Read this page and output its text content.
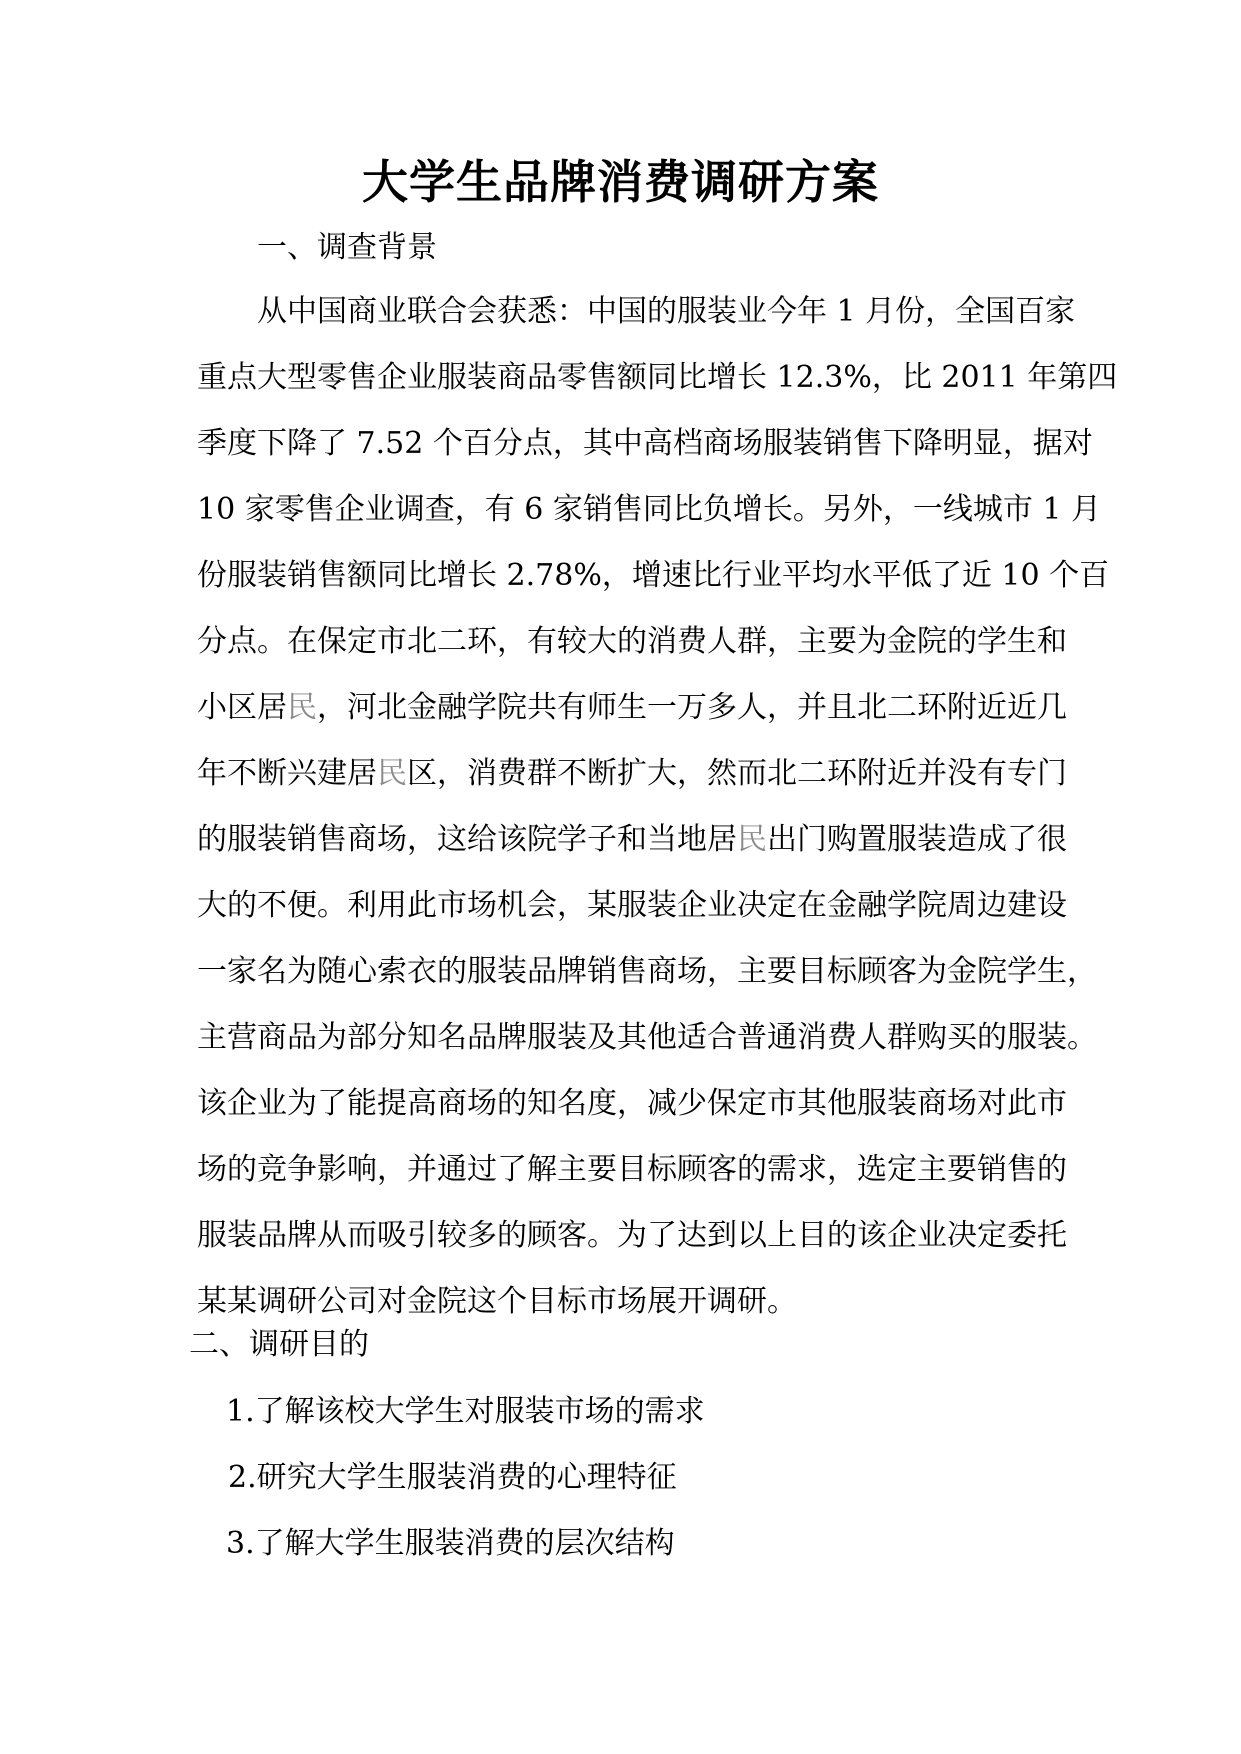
大学生品牌消费调研方案
一、调查背景
从中国商业联合会获悉：中国的服装业今年 1 月份，全国百家
重点大型零售企业服装商品零售额同比增长 12.3%，比 2011 年第四
季度下降了 7.52 个百分点，其中高档商场服装销售下降明显，据对
10 家零售企业调查，有 6 家销售同比负增长。另外，一线城市 1 月
份服装销售额同比增长 2.78%，增速比行业平均水平低了近 10 个百
分点。在保定市北二环，有较大的消费人群，主要为金院的学生和
小区居民，河北金融学院共有师生一万多人，并且北二环附近近几
年不断兴建居民区，消费群不断扩大，然而北二环附近并没有专门
的服装销售商场，这给该院学子和当地居民出门购置服装造成了很
大的不便。利用此市场机会，某服装企业决定在金融学院周边建设
一家名为随心索衣的服装品牌销售商场，主要目标顾客为金院学生，
主营商品为部分知名品牌服装及其他适合普通消费人群购买的服装。
该企业为了能提高商场的知名度，减少保定市其他服装商场对此市
场的竞争影响，并通过了解主要目标顾客的需求，选定主要销售的
服装品牌从而吸引较多的顾客。为了达到以上目的该企业决定委托
某某调研公司对金院这个目标市场展开调研。
二、调研目的
1.了解该校大学生对服装市场的需求
2.研究大学生服装消费的心理特征
3.了解大学生服装消费的层次结构
